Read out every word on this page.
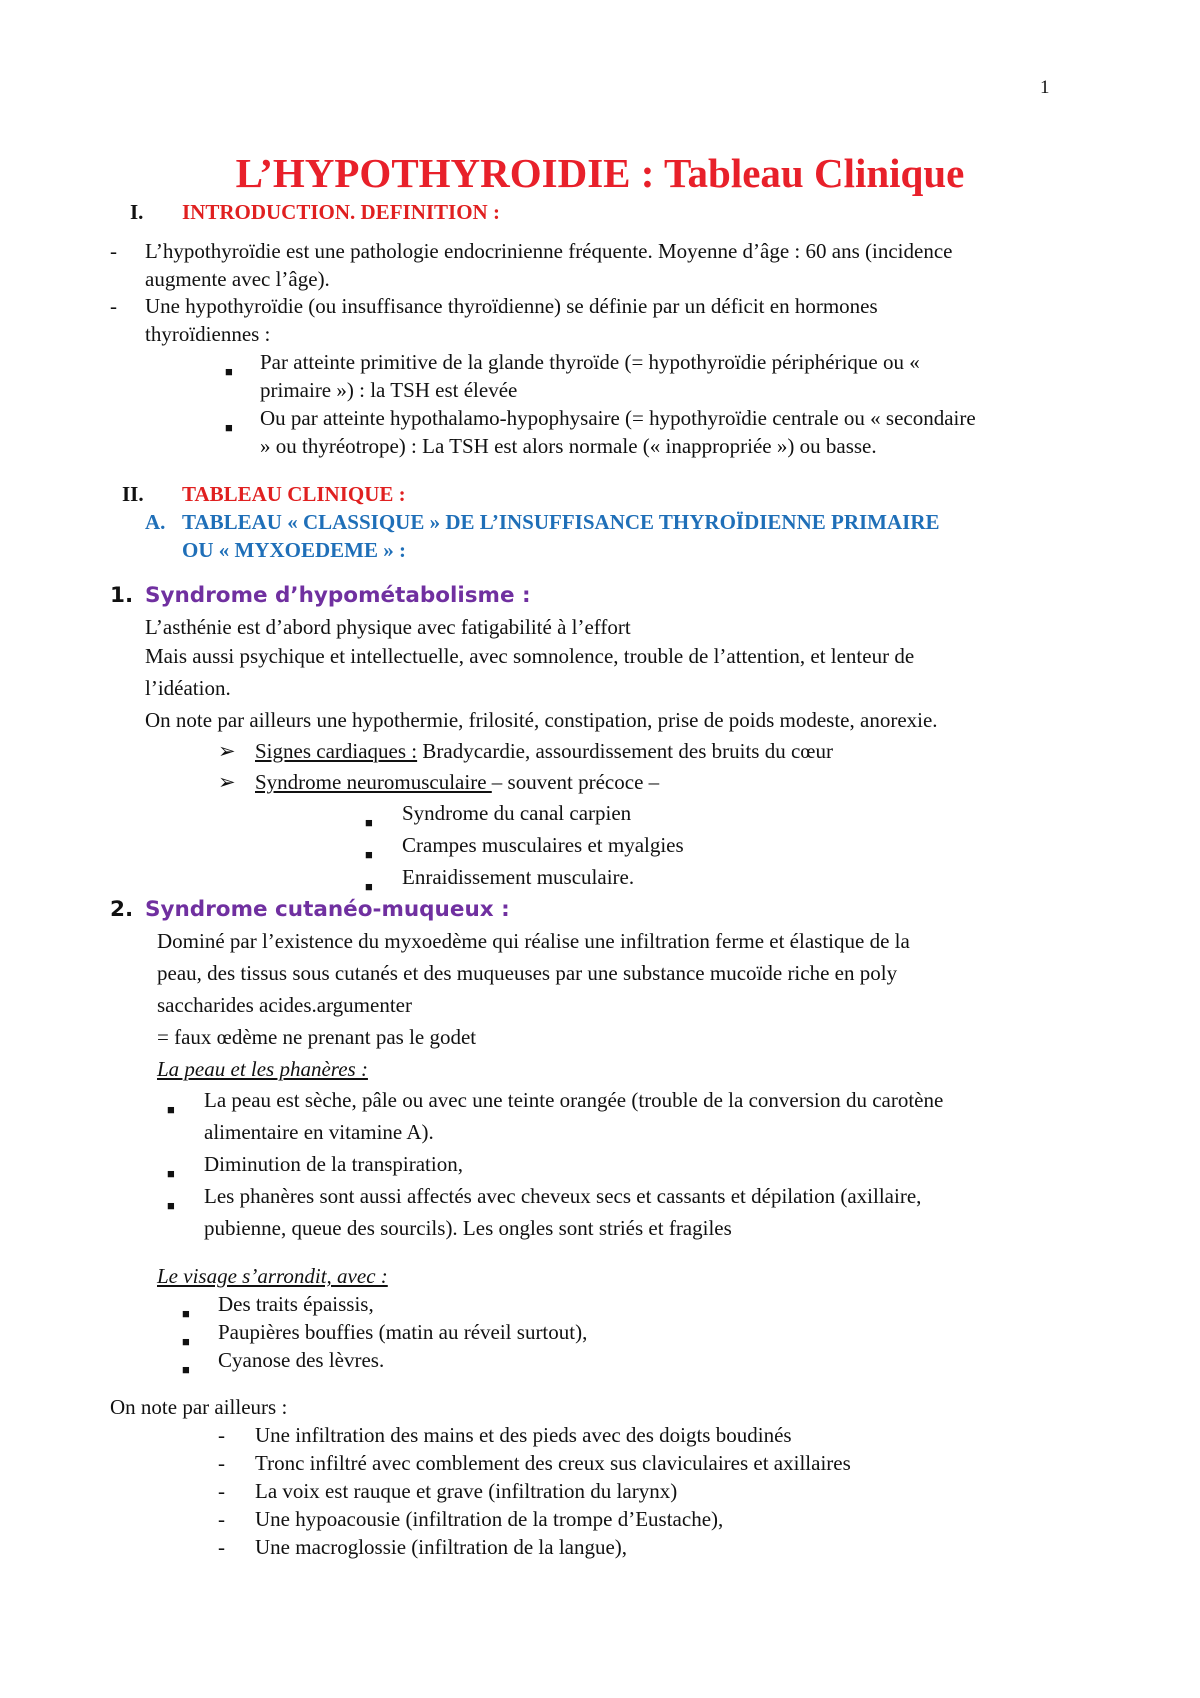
1
L’HYPOTHYROIDIE : Tableau Clinique
I. INTRODUCTION. DEFINITION :
- L’hypothyroïdie est une pathologie endocrinienne fréquente. Moyenne d’âge : 60 ans (incidence
augmente avec l’âge).
- Une hypothyroïdie (ou insuffisance thyroïdienne) se définie par un déficit en hormones
thyroïdiennes :
■ Par atteinte primitive de la glande thyroïde (= hypothyroïdie périphérique ou «
primaire ») : la TSH est élevée
■ Ou par atteinte hypothalamo-hypophysaire (= hypothyroïdie centrale ou « secondaire
» ou thyréotrope) : La TSH est alors normale (« inappropriée ») ou basse.
II. TABLEAU CLINIQUE :
A. TABLEAU « CLASSIQUE » DE L’INSUFFISANCE THYROÏDIENNE PRIMAIRE
OU « MYXOEDEME » :
1. Syndrome d’hypométabolisme :
L’asthénie est d’abord physique avec fatigabilité à l’effort
Mais aussi psychique et intellectuelle, avec somnolence, trouble de l’attention, et lenteur de
l’idéation.
On note par ailleurs une hypothermie, frilosité, constipation, prise de poids modeste, anorexie.
➢ Signes cardiaques : Bradycardie, assourdissement des bruits du cœur
➢ Syndrome neuromusculaire – souvent précoce –
■ Syndrome du canal carpien
■ Crampes musculaires et myalgies
■ Enraidissement musculaire.
2. Syndrome cutanéo-muqueux :
Dominé par l’existence du myxoedème qui réalise une infiltration ferme et élastique de la
peau, des tissus sous cutanés et des muqueuses par une substance mucoïde riche en poly
saccharides acides.argumenter
= faux œdème ne prenant pas le godet
La peau et les phanères :
■ La peau est sèche, pâle ou avec une teinte orangée (trouble de la conversion du carotène
alimentaire en vitamine A).
■ Diminution de la transpiration,
■ Les phanères sont aussi affectés avec cheveux secs et cassants et dépilation (axillaire,
pubienne, queue des sourcils). Les ongles sont striés et fragiles
Le visage s’arrondit, avec :
■ Des traits épaissis,
■ Paupières bouffies (matin au réveil surtout),
■ Cyanose des lèvres.
On note par ailleurs :
- Une infiltration des mains et des pieds avec des doigts boudinés
- Tronc infiltré avec comblement des creux sus claviculaires et axillaires
- La voix est rauque et grave (infiltration du larynx)
- Une hypoacousie (infiltration de la trompe d’Eustache),
- Une macroglossie (infiltration de la langue),
